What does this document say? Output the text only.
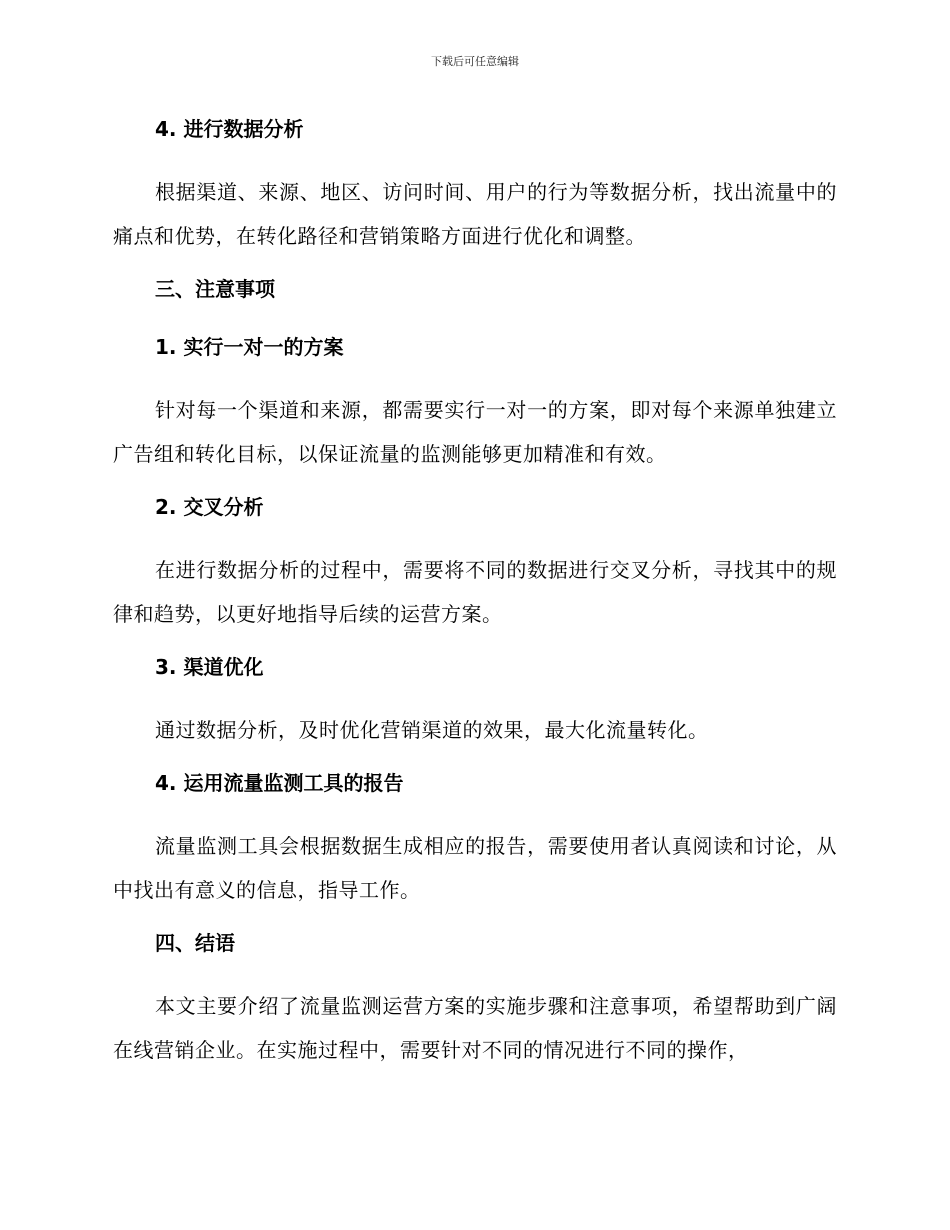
下载后可任意编辑
4. 进行数据分析

根据渠道、来源、地区、访问时间、用户的行为等数据分析，找出流量中的痛点和优势，在转化路径和营销策略方面进行优化和调整。

三、注意事项
1. 实行一对一的方案

针对每一个渠道和来源，都需要实行一对一的方案，即对每个来源单独建立广告组和转化目标，以保证流量的监测能够更加精准和有效。

2. 交叉分析

在进行数据分析的过程中，需要将不同的数据进行交叉分析，寻找其中的规律和趋势，以更好地指导后续的运营方案。

3. 渠道优化

通过数据分析，及时优化营销渠道的效果，最大化流量转化。

4. 运用流量监测工具的报告

流量监测工具会根据数据生成相应的报告，需要使用者认真阅读和讨论，从中找出有意义的信息，指导工作。

四、结语

本文主要介绍了流量监测运营方案的实施步骤和注意事项，希望帮助到广阔在线营销企业。在实施过程中，需要针对不同的情况进行不同的操作，
